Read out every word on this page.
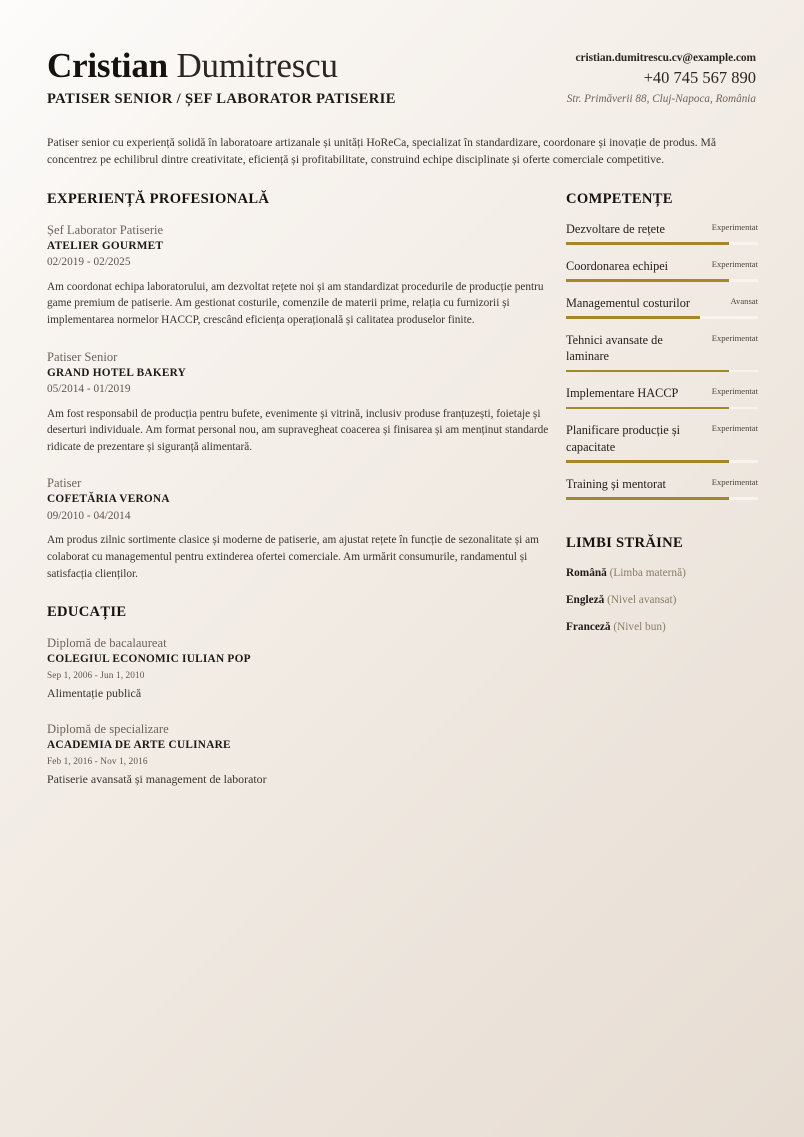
Cristian Dumitrescu
PATISER SENIOR / ȘEF LABORATOR PATISERIE
cristian.dumitrescu.cv@example.com
+40 745 567 890
Str. Primăverii 88, Cluj-Napoca, România
Patiser senior cu experiență solidă în laboratoare artizanale și unități HoReCa, specializat în standardizare, coordonare și inovație de produs. Mă concentrez pe echilibrul dintre creativitate, eficiență și profitabilitate, construind echipe disciplinate și oferte comerciale competitive.
EXPERIENȚĂ PROFESIONALĂ
Șef Laborator Patiserie
ATELIER GOURMET
02/2019 - 02/2025
Am coordonat echipa laboratorului, am dezvoltat rețete noi și am standardizat procedurile de producție pentru game premium de patiserie. Am gestionat costurile, comenzile de materii prime, relația cu furnizorii și implementarea normelor HACCP, crescând eficiența operațională și calitatea produselor finite.
Patiser Senior
GRAND HOTEL BAKERY
05/2014 - 01/2019
Am fost responsabil de producția pentru bufete, evenimente și vitrină, inclusiv produse franțuzești, foietaje și deserturi individuale. Am format personal nou, am supravegheat coacerea și finisarea și am menținut standarde ridicate de prezentare și siguranță alimentară.
Patiser
COFETĂRIA VERONA
09/2010 - 04/2014
Am produs zilnic sortimente clasice și moderne de patiserie, am ajustat rețete în funcție de sezonalitate și am colaborat cu managementul pentru extinderea ofertei comerciale. Am urmărit consumurile, randamentul și satisfacția clienților.
EDUCAȚIE
Diplomă de bacalaureat
COLEGIUL ECONOMIC IULIAN POP
Sep 1, 2006 - Jun 1, 2010
Alimentație publică
Diplomă de specializare
ACADEMIA DE ARTE CULINARE
Feb 1, 2016 - Nov 1, 2016
Patiserie avansată și management de laborator
COMPETENȚE
Dezvoltare de rețete	Experimentat
Coordonarea echipei	Experimentat
Managementul costurilor	Avansat
Tehnici avansate de laminare
Experimentat
Implementare HACCP	Experimentat
Planificare producție și capacitate
Experimentat
Training și mentorat	Experimentat
LIMBI STRĂINE
Română (Limba maternă)
Engleză (Nivel avansat)
Franceză (Nivel bun)
